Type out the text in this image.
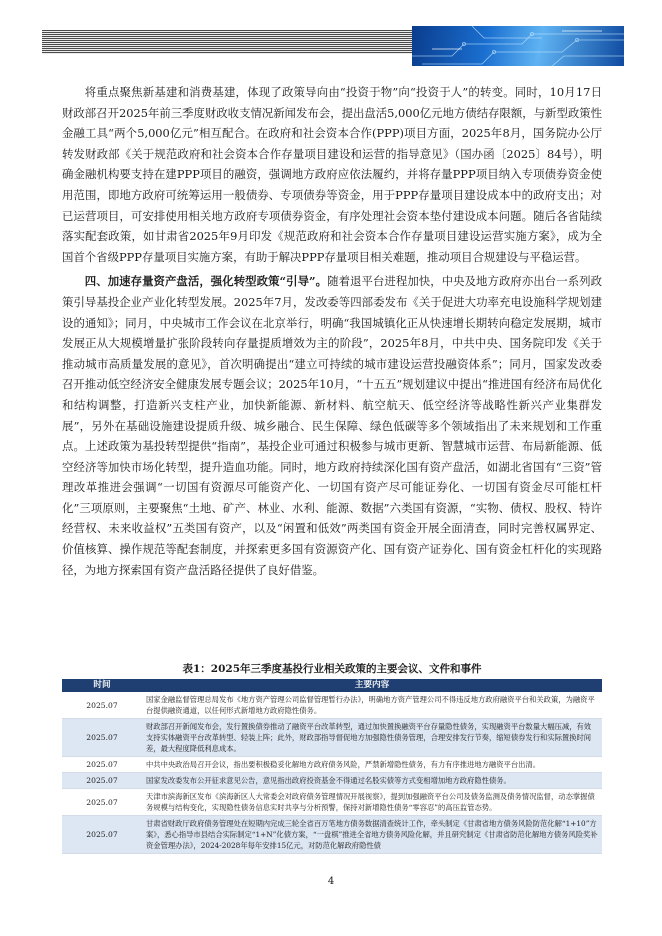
将重点聚焦新基建和消费基建，体现了政策导向由“投资于物”向“投资于人”的转变。同时，10月17日财政部召开2025年前三季度财政收支情况新闻发布会，提出盘活5,000亿元地方债结存限额，与新型政策性金融工具“两个5,000亿元”相互配合。在政府和社会资本合作(PPP)项目方面，2025年8月，国务院办公厅转发财政部《关于规范政府和社会资本合作存量项目建设和运营的指导意见》（国办函〔2025〕84号），明确金融机构要支持在建PPP项目的融资，强调地方政府应依法履约，并将存量PPP项目纳入专项债券资金使用范围，即地方政府可统筹运用一般债券、专项债券等资金，用于PPP存量项目建设成本中的政府支出；对已运营项目，可安排使用相关地方政府专项债券资金，有序处理社会资本垫付建设成本问题。随后各省陆续落实配套政策，如甘肃省2025年9月印发《规范政府和社会资本合作存量项目建设运营实施方案》，成为全国首个省级PPP存量项目实施方案，有助于解决PPP存量项目相关难题，推动项目合规建设与平稳运营。

四、加速存量资产盘活，强化转型政策“引导”。随着退平台进程加快，中央及地方政府亦出台一系列政策引导基投企业产业化转型发展。2025年7月，发改委等四部委发布《关于促进大功率充电设施科学规划建设的通知》；同月，中央城市工作会议在北京举行，明确“我国城镇化正从快速增长期转向稳定发展期，城市发展正从大规模增量扩张阶段转向存量提质增效为主的阶段”，2025年8月，中共中央、国务院印发《关于推动城市高质量发展的意见》，首次明确提出“建立可持续的城市建设运营投融资体系”；同月，国家发改委召开推动低空经济安全健康发展专题会议；2025年10月，“十五五”规划建议中提出“推进国有经济布局优化和结构调整，打造新兴支柱产业，加快新能源、新材料、航空航天、低空经济等战略性新兴产业集群发展”，另外在基础设施建设提质升级、城乡融合、民生保障、绿色低碳等多个领域指出了未来规划和工作重点。上述政策为基投转型提供“指南”，基投企业可通过积极参与城市更新、智慧城市运营、布局新能源、低空经济等加快市场化转型，提升造血功能。同时，地方政府持续深化国有资产盘活，如湖北省国有“三资”管理改革推进会强调“一切国有资源尽可能资产化、一切国有资产尽可能证券化、一切国有资金尽可能杠杆化”三项原则，主要聚焦“土地、矿产、林业、水利、能源、数据”六类国有资源，“实物、债权、股权、特许经营权、未来收益权”五类国有资产，以及“闲置和低效”两类国有资金开展全面清查，同时完善权属界定、价值核算、操作规范等配套制度，并探索更多国有资源资产化、国有资产证券化、国有资金杠杆化的实现路径，为地方探索国有资产盘活路径提供了良好借鉴。

表1：2025年三季度基投行业相关政策的主要会议、文件和事件

时间	主要内容
2025.07	国家金融监督管理总局发布《地方资产管理公司监督管理暂行办法》，明确地方资产管理公司不得违反地方政府融资平台和关政策，为融资平台提供融资通道，以任何形式新增地方政府隐性债务。
2025.07	财政部召开新闻发布会，发行置换债券推动了融资平台改革转型，通过加快置换融资平台存量隐性债务，实现融资平台数量大幅压减，有效支持实体融资平台改革转型、轻装上阵；此外，财政部指导督促地方加强隐性债务管理，合理安排发行节奏，缩短债券发行和实际置换时间差，最大程度降低利息成本。
2025.07	中共中央政治局召开会议，指出要积极稳妥化解地方政府债务风险，严禁新增隐性债务，有力有序推进地方融资平台出清。
2025.07	国家发改委发布公开征求意见公告，意见指出政府投资基金不得通过名股实债等方式变相增加地方政府隐性债务。
2025.07	天津市滨海新区发布《滨海新区人大常委会对政府债务管理情况开展视察》，提到加强融资平台公司及债务监测及债务情况监督，动态掌握债务规模与结构变化，实现隐性债务信息实时共享与分析预警，保持对新增隐性债务“零容忍”的高压监管态势。
2025.07	甘肃省财政厅政府债务管理处在短期内完成三轮全省百万笔地方债务数据清查统计工作，牵头制定《甘肃省地方债务风险防范化解“1+10”方案》，悉心指导市县结合实际制定“1+N”化债方案，“一盘棋”推进全省地方债务风险化解，并且研究制定《甘肃省防范化解地方债务风险奖补资金管理办法》，2024-2028年每年安排15亿元，对防范化解政府隐性债
4
